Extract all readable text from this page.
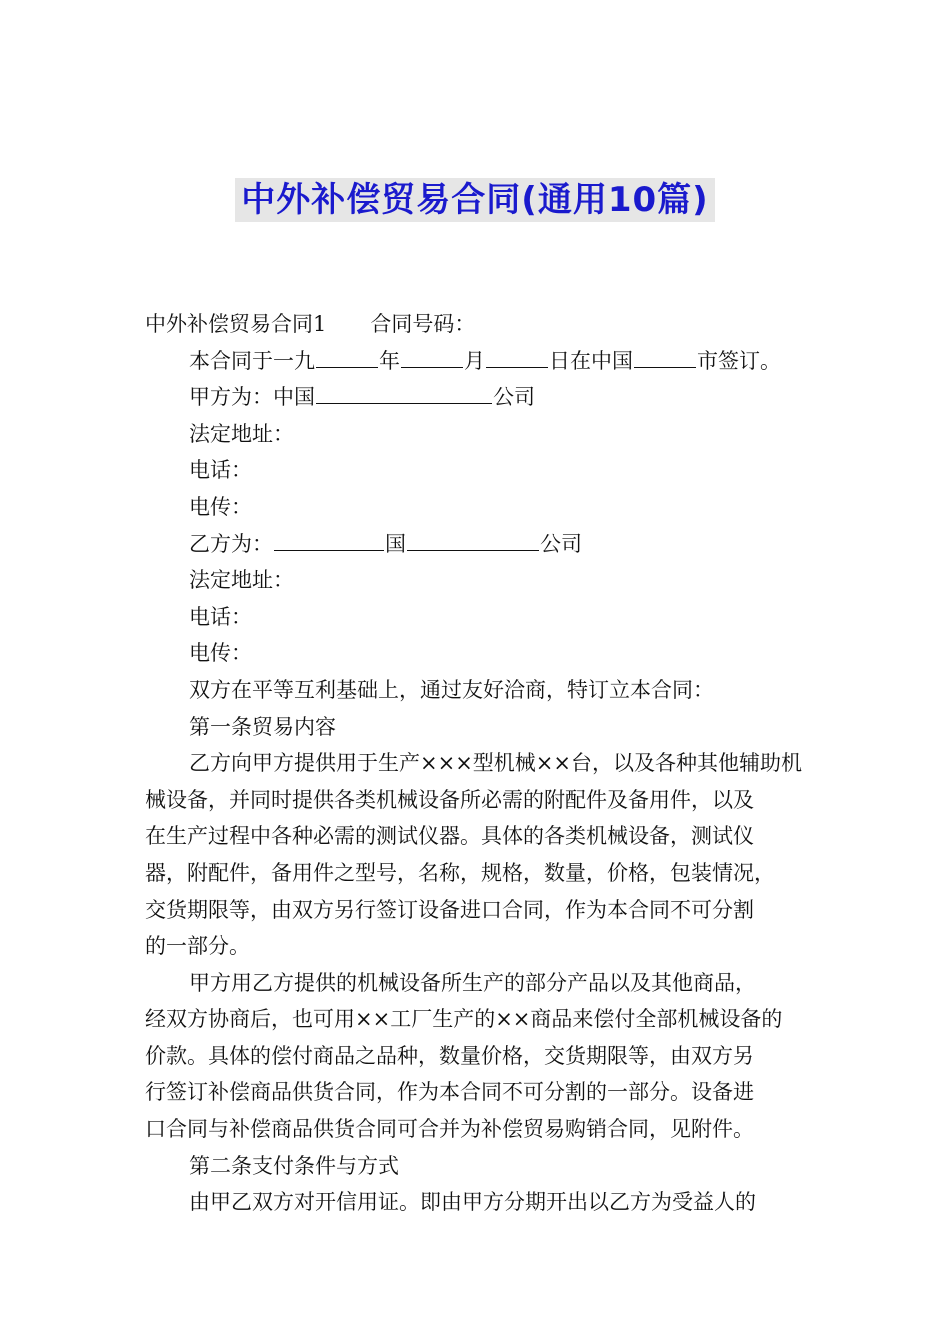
中外补偿贸易合同(通用10篇)
中外补偿贸易合同1 合同号码：
本合同于一九	年	月	日在中国	市签订。
甲方为：中国	公司
法定地址：
电话：
电传：
乙方为：	国	公司
法定地址：
电话：
电传：
双方在平等互利基础上，通过友好洽商，特订立本合同：
第一条贸易内容
乙方向甲方提供用于生产×××型机械××台，以及各种其他辅助机
械设备，并同时提供各类机械设备所必需的附配件及备用件，以及
在生产过程中各种必需的测试仪器。具体的各类机械设备，测试仪
器，附配件，备用件之型号，名称，规格，数量，价格，包装情况，
交货期限等，由双方另行签订设备进口合同，作为本合同不可分割
的一部分。
甲方用乙方提供的机械设备所生产的部分产品以及其他商品，
经双方协商后，也可用××工厂生产的××商品来偿付全部机械设备的
价款。具体的偿付商品之品种，数量价格，交货期限等，由双方另
行签订补偿商品供货合同，作为本合同不可分割的一部分。设备进
口合同与补偿商品供货合同可合并为补偿贸易购销合同，见附件。
第二条支付条件与方式
由甲乙双方对开信用证。即由甲方分期开出以乙方为受益人的
